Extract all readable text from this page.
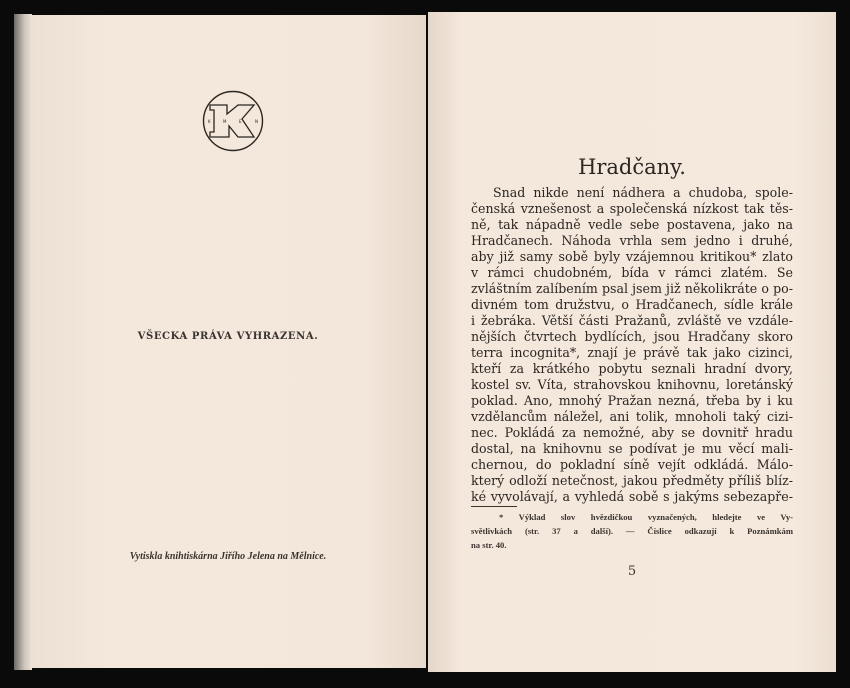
K	M	E	N
VŠECKA PRÁVA VYHRAZENA.
Vytiskla knihtiskárna Jiřího Jelena na Mělnice.
Hradčany.
Snad nikde není nádhera a chudoba, spole-
čenská vznešenost a společenská nízkost tak těs-
ně, tak nápadně vedle sebe postavena, jako na
Hradčanech. Náhoda vrhla sem jedno i druhé,
aby již samy sobě byly vzájemnou kritikou* zlato
v rámci chudobném, bída v rámci zlatém. Se
zvláštním zalíbením psal jsem již několikráte o po-
divném tom družstvu, o Hradčanech, sídle krále
i žebráka. Větší části Pražanů, zvláště ve vzdále-
nějších čtvrtech bydlících, jsou Hradčany skoro
terra incognita*, znají je právě tak jako cizinci,
kteří za krátkého pobytu seznali hradní dvory,
kostel sv. Víta, strahovskou knihovnu, loretánský
poklad. Ano, mnohý Pražan nezná, třeba by i ku
vzdělancům náležel, ani tolik, mnoholi taký cizi-
nec. Pokládá za nemožné, aby se dovnitř hradu
dostal, na knihovnu se podívat je mu věcí mali-
chernou, do pokladní síně vejít odkládá. Málo-
který odloží netečnost, jakou předměty příliš blíz-
ké vyvolávají, a vyhledá sobě s jakýms sebezapře-
* Výklad slov hvězdičkou vyznačených, hledejte ve Vy-
světlivkách (str. 37 a další). — Číslice odkazují k Poznámkám
na str. 40.
5
